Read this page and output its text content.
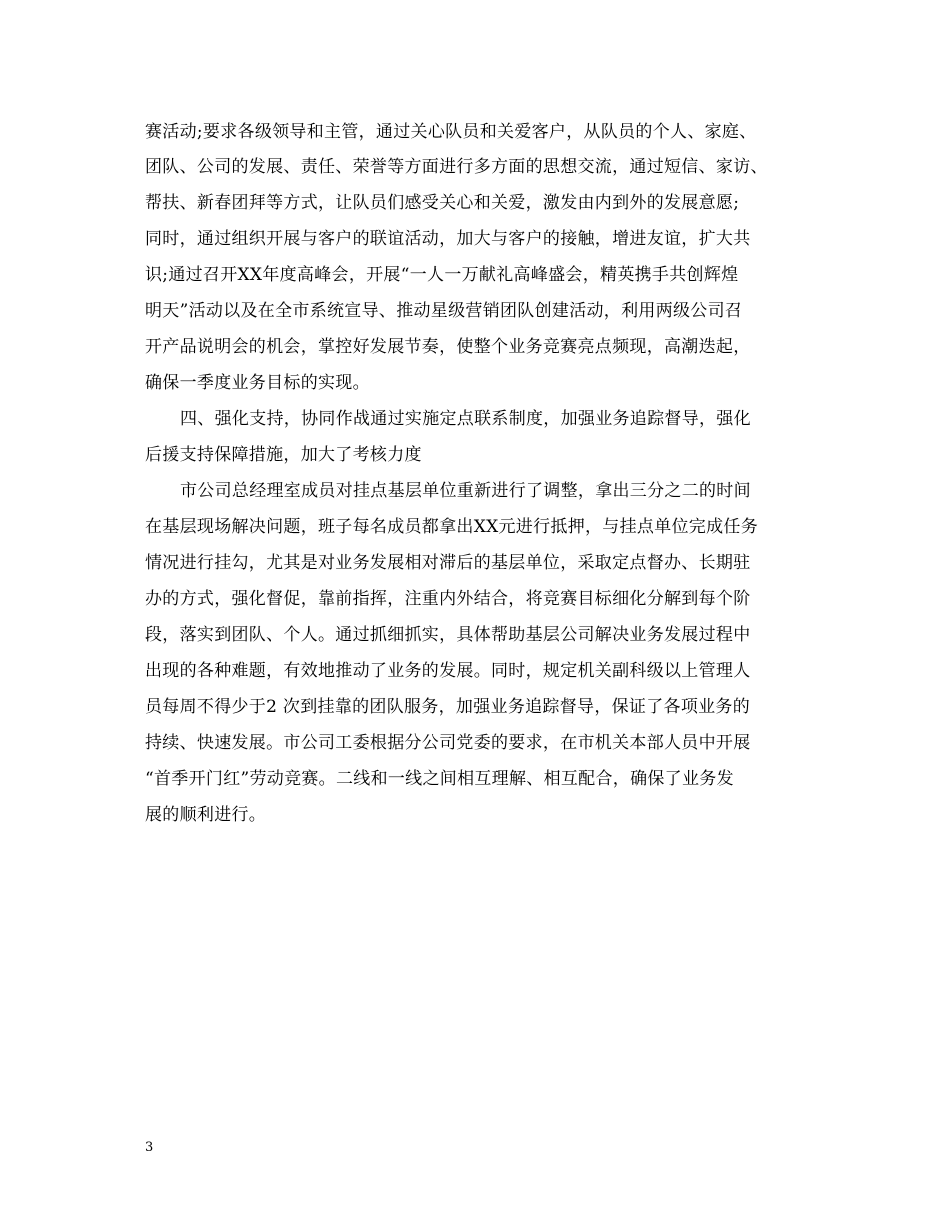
赛活动;要求各级领导和主管，通过关心队员和关爱客户，从队员的个人、家庭、
团队、公司的发展、责任、荣誉等方面进行多方面的思想交流，通过短信、家访、
帮扶、新春团拜等方式，让队员们感受关心和关爱，激发由内到外的发展意愿;
同时，通过组织开展与客户的联谊活动，加大与客户的接触，增进友谊，扩大共
识;通过召开XX年度高峰会，开展“一人一万献礼高峰盛会，精英携手共创辉煌
明天”活动以及在全市系统宣导、推动星级营销团队创建活动，利用两级公司召
开产品说明会的机会，掌控好发展节奏，使整个业务竞赛亮点频现，高潮迭起，
确保一季度业务目标的实现。
四、强化支持，协同作战通过实施定点联系制度，加强业务追踪督导，强化
后援支持保障措施，加大了考核力度
市公司总经理室成员对挂点基层单位重新进行了调整，拿出三分之二的时间
在基层现场解决问题，班子每名成员都拿出XX元进行抵押，与挂点单位完成任务
情况进行挂勾，尤其是对业务发展相对滞后的基层单位，采取定点督办、长期驻
办的方式，强化督促，靠前指挥，注重内外结合，将竞赛目标细化分解到每个阶
段，落实到团队、个人。通过抓细抓实，具体帮助基层公司解决业务发展过程中
出现的各种难题，有效地推动了业务的发展。同时，规定机关副科级以上管理人
员每周不得少于2 次到挂靠的团队服务，加强业务追踪督导，保证了各项业务的
持续、快速发展。市公司工委根据分公司党委的要求，在市机关本部人员中开展
“首季开门红”劳动竞赛。二线和一线之间相互理解、相互配合，确保了业务发
展的顺利进行。
3
